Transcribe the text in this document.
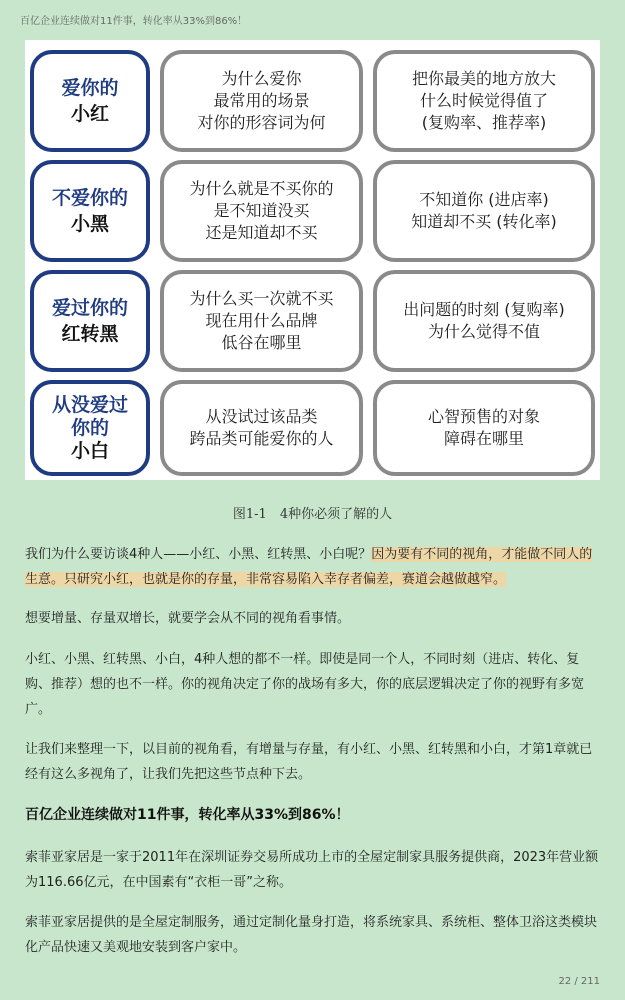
百亿企业连续做对11件事，转化率从33%到86%！
爱你的
小红
为什么爱你
最常用的场景
对你的形容词为何
把你最美的地方放大
什么时候觉得值了
(复购率、推荐率)
不爱你的
小黑
为什么就是不买你的
是不知道没买
还是知道却不买
不知道你 (进店率)
知道却不买 (转化率)
爱过你的
红转黑
为什么买一次就不买
现在用什么品牌
低谷在哪里
出问题的时刻 (复购率)
为什么觉得不值
从没爱过
你的
小白
从没试过该品类
跨品类可能爱你的人
心智预售的对象
障碍在哪里
图1-1　4种你必须了解的人
我们为什么要访谈4种人——小红、小黑、红转黑、小白呢？因为要有不同的视角，才能做不同人的生意。只研究小红，也就是你的存量，非常容易陷入幸存者偏差，赛道会越做越窄。
想要增量、存量双增长，就要学会从不同的视角看事情。
小红、小黑、红转黑、小白，4种人想的都不一样。即使是同一个人，不同时刻（进店、转化、复购、推荐）想的也不一样。你的视角决定了你的战场有多大，你的底层逻辑决定了你的视野有多宽广。
让我们来整理一下，以目前的视角看，有增量与存量，有小红、小黑、红转黑和小白，才第1章就已经有这么多视角了，让我们先把这些节点种下去。
百亿企业连续做对11件事，转化率从33%到86%！
索菲亚家居是一家于2011年在深圳证券交易所成功上市的全屋定制家具服务提供商，2023年营业额为116.66亿元，在中国素有“衣柜一哥”之称。
索菲亚家居提供的是全屋定制服务，通过定制化量身打造，将系统家具、系统柜、整体卫浴这类模块化产品快速又美观地安装到客户家中。
22 / 211
